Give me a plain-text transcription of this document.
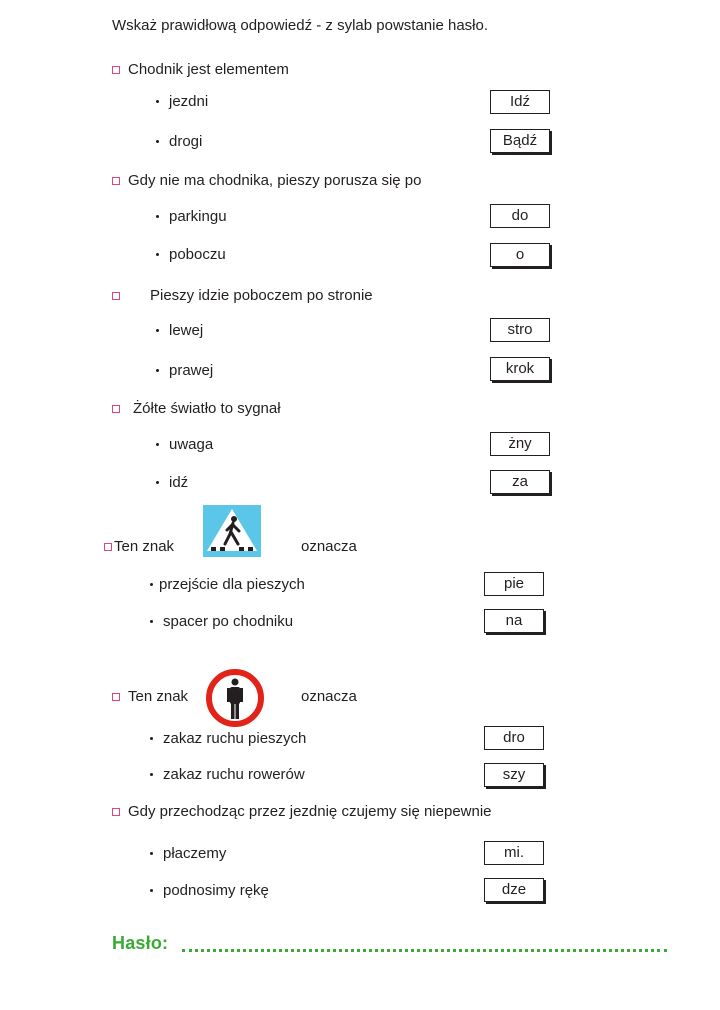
Wskaż prawidłową odpowiedź - z sylab powstanie hasło.
Chodnik jest elementem
jezdni	Idź
drogi	Bądź
Gdy nie ma chodnika, pieszy porusza się po
parkingu	do
poboczu	o
Pieszy idzie poboczem po stronie
lewej	stro
prawej	krok
Żółte światło to sygnał
uwaga	żny
idź	za
Ten znak	oznacza
przejście dla pieszych	pie
spacer po chodniku	na
Ten znak	oznacza
zakaz ruchu pieszych	dro
zakaz ruchu rowerów	szy
Gdy przechodząc przez jezdnię czujemy się niepewnie
płaczemy	mi.
podnosimy rękę	dze
Hasło:
